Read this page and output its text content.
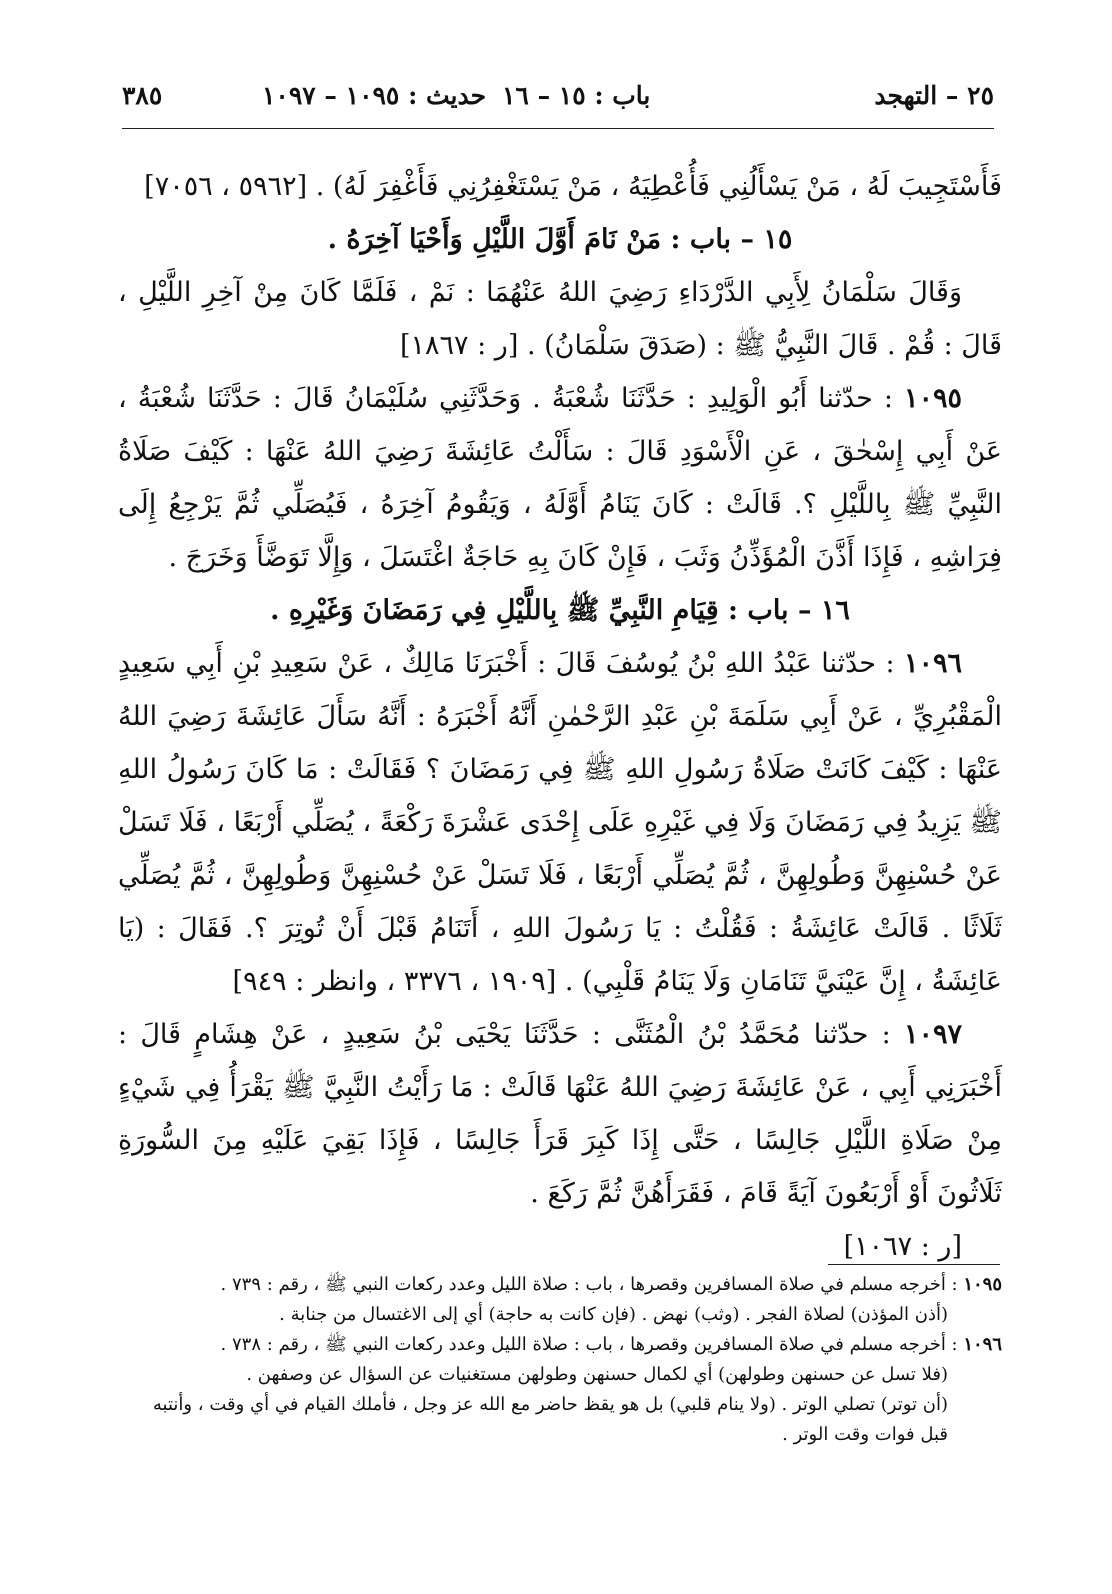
٢٥ – التهجد
باب : ١٥ – ١٦
حديث : ١٠٩٥ – ١٠٩٧
٣٨٥

فَأَسْتَجِيبَ لَهُ ، مَنْ يَسْأَلُنِي فَأُعْطِيَهُ ، مَنْ يَسْتَغْفِرُنِي فَأَغْفِرَ لَهُ) . [٥٩٦٢ ، ٧٠٥٦]

١٥ – باب : مَنْ نَامَ أَوَّلَ اللَّيْلِ وَأَحْيَا آخِرَهُ .

وَقَالَ سَلْمَانُ لِأَبِي الدَّرْدَاءِ رَضِيَ اللهُ عَنْهُمَا : نَمْ ، فَلَمَّا كَانَ مِنْ آخِرِ اللَّيْلِ ، قَالَ : قُمْ . قَالَ النَّبِيُّ ﷺ : (صَدَقَ سَلْمَانُ) . [ر : ١٨٦٧]

١٠٩٥ : حدّثنا أَبُو الْوَلِيدِ : حَدَّثَنَا شُعْبَةُ . وَحَدَّثَنِي سُلَيْمَانُ قَالَ : حَدَّثَنَا شُعْبَةُ ، عَنْ أَبِي إِسْحٰقَ ، عَنِ الْأَسْوَدِ قَالَ : سَأَلْتُ عَائِشَةَ رَضِيَ اللهُ عَنْهَا : كَيْفَ صَلَاةُ النَّبِيِّ ﷺ بِاللَّيْلِ ؟. قَالَتْ : كَانَ يَنَامُ أَوَّلَهُ ، وَيَقُومُ آخِرَهُ ، فَيُصَلِّي ثُمَّ يَرْجِعُ إِلَى فِرَاشِهِ ، فَإِذَا أَذَّنَ الْمُؤَذِّنُ وَثَبَ ، فَإِنْ كَانَ بِهِ حَاجَةٌ اغْتَسَلَ ، وَإِلَّا تَوَضَّأَ وَخَرَجَ .

١٦ – باب : قِيَامِ النَّبِيِّ ﷺ بِاللَّيْلِ فِي رَمَضَانَ وَغَيْرِهِ .

١٠٩٦ : حدّثنا عَبْدُ اللهِ بْنُ يُوسُفَ قَالَ : أَخْبَرَنَا مَالِكٌ ، عَنْ سَعِيدِ بْنِ أَبِي سَعِيدٍ الْمَقْبُرِيِّ ، عَنْ أَبِي سَلَمَةَ بْنِ عَبْدِ الرَّحْمٰنِ أَنَّهُ أَخْبَرَهُ : أَنَّهُ سَأَلَ عَائِشَةَ رَضِيَ اللهُ عَنْهَا : كَيْفَ كَانَتْ صَلَاةُ رَسُولِ اللهِ ﷺ فِي رَمَضَانَ ؟ فَقَالَتْ : مَا كَانَ رَسُولُ اللهِ ﷺ يَزِيدُ فِي رَمَضَانَ وَلَا فِي غَيْرِهِ عَلَى إِحْدَى عَشْرَةَ رَكْعَةً ، يُصَلِّي أَرْبَعًا ، فَلَا تَسَلْ عَنْ حُسْنِهِنَّ وَطُولِهِنَّ ، ثُمَّ يُصَلِّي أَرْبَعًا ، فَلَا تَسَلْ عَنْ حُسْنِهِنَّ وَطُولِهِنَّ ، ثُمَّ يُصَلِّي ثَلَاثًا . قَالَتْ عَائِشَةُ : فَقُلْتُ : يَا رَسُولَ اللهِ ، أَتَنَامُ قَبْلَ أَنْ تُوتِرَ ؟. فَقَالَ : (يَا عَائِشَةُ ، إِنَّ عَيْنَيَّ تَنَامَانِ وَلَا يَنَامُ قَلْبِي) . [١٩٠٩ ، ٣٣٧٦ ، وانظر : ٩٤٩]

١٠٩٧ : حدّثنا مُحَمَّدُ بْنُ الْمُثَنَّى : حَدَّثَنَا يَحْيَى بْنُ سَعِيدٍ ، عَنْ هِشَامٍ قَالَ : أَخْبَرَنِي أَبِي ، عَنْ عَائِشَةَ رَضِيَ اللهُ عَنْهَا قَالَتْ : مَا رَأَيْتُ النَّبِيَّ ﷺ يَقْرَأُ فِي شَيْءٍ مِنْ صَلَاةِ اللَّيْلِ جَالِسًا ، حَتَّى إِذَا كَبِرَ قَرَأَ جَالِسًا ، فَإِذَا بَقِيَ عَلَيْهِ مِنَ السُّورَةِ ثَلَاثُونَ أَوْ أَرْبَعُونَ آيَةً قَامَ ، فَقَرَأَهُنَّ ثُمَّ رَكَعَ .

[ر : ١٠٦٧]

١٠٩٥ : أخرجه مسلم في صلاة المسافرين وقصرها ، باب : صلاة الليل وعدد ركعات النبي ﷺ ، رقم : ٧٣٩ .

(أذن المؤذن) لصلاة الفجر . (وثب) نهض . (فإن كانت به حاجة) أي إلى الاغتسال من جنابة .

١٠٩٦ : أخرجه مسلم في صلاة المسافرين وقصرها ، باب : صلاة الليل وعدد ركعات النبي ﷺ ، رقم : ٧٣٨ .

(فلا تسل عن حسنهن وطولهن) أي لكمال حسنهن وطولهن مستغنيات عن السؤال عن وصفهن .

(أن توتر) تصلي الوتر . (ولا ينام قلبي) بل هو يقظ حاضر مع الله عز وجل ، فأملك القيام في أي وقت ، وأنتبه قبل فوات وقت الوتر .
